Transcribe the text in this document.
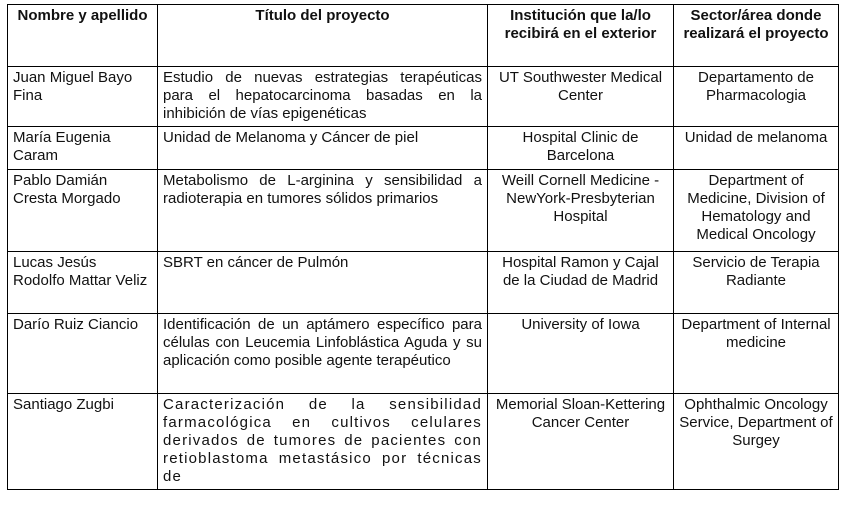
Nombre y apellido	Título del proyecto	Institución que la/lo recibirá en el exterior	Sector/área donde realizará el proyecto
Juan Miguel Bayo Fina	Estudio de nuevas estrategias terapéuticas para el hepatocarcinoma basadas en la inhibición de vías epigenéticas	UT Southwester Medical Center	Departamento de Pharmacologia
María Eugenia Caram	Unidad de Melanoma y Cáncer de piel	Hospital Clinic de Barcelona	Unidad de melanoma
Pablo Damián Cresta Morgado	Metabolismo de L-arginina y sensibilidad a radioterapia en tumores sólidos primarios	Weill Cornell Medicine - NewYork-Presbyterian Hospital	Department of Medicine, Division of Hematology and Medical Oncology
Lucas Jesús Rodolfo Mattar Veliz	SBRT en cáncer de Pulmón	Hospital Ramon y Cajal de la Ciudad de Madrid	Servicio de Terapia Radiante
Darío Ruiz Ciancio	Identificación de un aptámero específico para células con Leucemia Linfoblástica Aguda y su aplicación como posible agente terapéutico	University of Iowa	Department of Internal medicine
Santiago Zugbi	Caracterización de la sensibilidad farmacológica en cultivos celulares derivados de tumores de pacientes con retioblastoma metastásico por técnicas de	Memorial Sloan-Kettering Cancer Center	Ophthalmic Oncology Service, Department of Surgey
